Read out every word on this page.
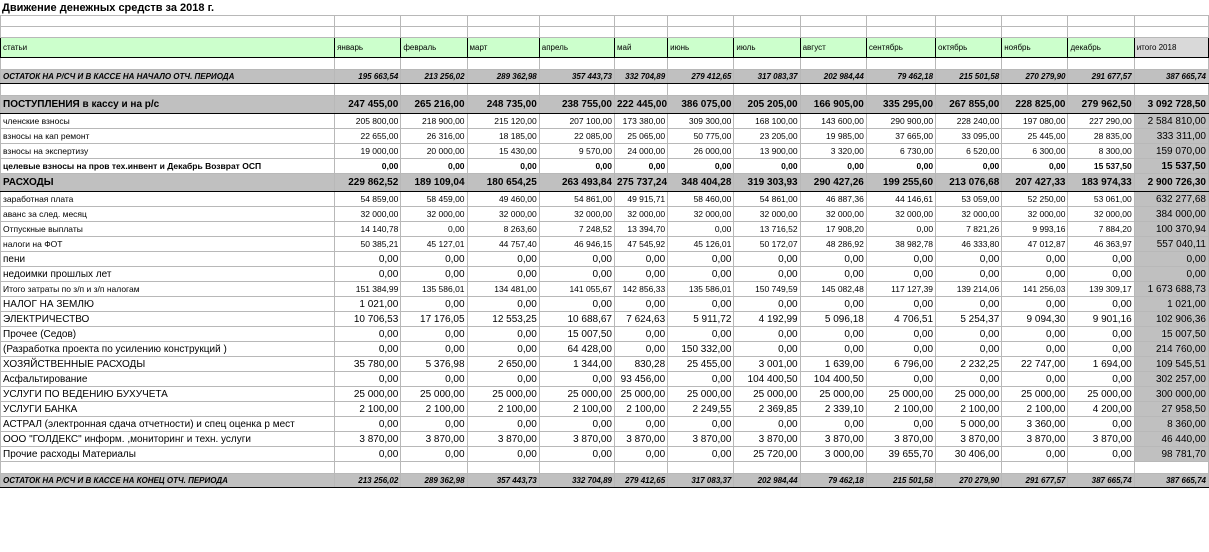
Движение денежных средств за 2018 г.

статьи	январь	февраль	март	апрель	май	июнь	июль	август	сентябрь	октябрь	ноябрь	декабрь	итого 2018

ОСТАТОК НА Р/СЧ И В КАССЕ НА НАЧАЛО ОТЧ. ПЕРИОДА	195 663,54	213 256,02	289 362,98	357 443,73	332 704,89	279 412,65	317 083,37	202 984,44	79 462,18	215 501,58	270 279,90	291 677,57	387 665,74

ПОСТУПЛЕНИЯ в кассу и на р/с	247 455,00	265 216,00	248 735,00	238 755,00	222 445,00	386 075,00	205 205,00	166 905,00	335 295,00	267 855,00	228 825,00	279 962,50	3 092 728,50
членские взносы	205 800,00	218 900,00	215 120,00	207 100,00	173 380,00	309 300,00	168 100,00	143 600,00	290 900,00	228 240,00	197 080,00	227 290,00	2 584 810,00
взносы на кап ремонт	22 655,00	26 316,00	18 185,00	22 085,00	25 065,00	50 775,00	23 205,00	19 985,00	37 665,00	33 095,00	25 445,00	28 835,00	333 311,00
взносы на экспертизу	19 000,00	20 000,00	15 430,00	9 570,00	24 000,00	26 000,00	13 900,00	3 320,00	6 730,00	6 520,00	6 300,00	8 300,00	159 070,00
целевые взносы на пров тех.инвент и Декабрь Возврат ОСП	0,00	0,00	0,00	0,00	0,00	0,00	0,00	0,00	0,00	0,00	0,00	15 537,50	15 537,50
РАСХОДЫ	229 862,52	189 109,04	180 654,25	263 493,84	275 737,24	348 404,28	319 303,93	290 427,26	199 255,60	213 076,68	207 427,33	183 974,33	2 900 726,30
заработная плата	54 859,00	58 459,00	49 460,00	54 861,00	49 915,71	58 460,00	54 861,00	46 887,36	44 146,61	53 059,00	52 250,00	53 061,00	632 277,68
аванс за след. месяц	32 000,00	32 000,00	32 000,00	32 000,00	32 000,00	32 000,00	32 000,00	32 000,00	32 000,00	32 000,00	32 000,00	32 000,00	384 000,00
Отпускные выплаты	14 140,78	0,00	8 263,60	7 248,52	13 394,70	0,00	13 716,52	17 908,20	0,00	7 821,26	9 993,16	7 884,20	100 370,94
налоги на ФОТ	50 385,21	45 127,01	44 757,40	46 946,15	47 545,92	45 126,01	50 172,07	48 286,92	38 982,78	46 333,80	47 012,87	46 363,97	557 040,11
пени	0,00	0,00	0,00	0,00	0,00	0,00	0,00	0,00	0,00	0,00	0,00	0,00	0,00
недоимки прошлых лет	0,00	0,00	0,00	0,00	0,00	0,00	0,00	0,00	0,00	0,00	0,00	0,00	0,00
Итого затраты по з/п и з/п налогам	151 384,99	135 586,01	134 481,00	141 055,67	142 856,33	135 586,01	150 749,59	145 082,48	117 127,39	139 214,06	141 256,03	139 309,17	1 673 688,73
НАЛОГ НА ЗЕМЛЮ	1 021,00	0,00	0,00	0,00	0,00	0,00	0,00	0,00	0,00	0,00	0,00	0,00	1 021,00
ЭЛЕКТРИЧЕСТВО	10 706,53	17 176,05	12 553,25	10 688,67	7 624,63	5 911,72	4 192,99	5 096,18	4 706,51	5 254,37	9 094,30	9 901,16	102 906,36
Прочее (Седов)	0,00	0,00	0,00	15 007,50	0,00	0,00	0,00	0,00	0,00	0,00	0,00	0,00	15 007,50
(Разработка проекта по усилению конструкций )	0,00	0,00	0,00	64 428,00	0,00	150 332,00	0,00	0,00	0,00	0,00	0,00	0,00	214 760,00
ХОЗЯЙСТВЕННЫЕ РАСХОДЫ	35 780,00	5 376,98	2 650,00	1 344,00	830,28	25 455,00	3 001,00	1 639,00	6 796,00	2 232,25	22 747,00	1 694,00	109 545,51
Асфальтирование	0,00	0,00	0,00	0,00	93 456,00	0,00	104 400,50	104 400,50	0,00	0,00	0,00	0,00	302 257,00
УСЛУГИ ПО ВЕДЕНИЮ БУХУЧЕТА	25 000,00	25 000,00	25 000,00	25 000,00	25 000,00	25 000,00	25 000,00	25 000,00	25 000,00	25 000,00	25 000,00	25 000,00	300 000,00
УСЛУГИ БАНКА	2 100,00	2 100,00	2 100,00	2 100,00	2 100,00	2 249,55	2 369,85	2 339,10	2 100,00	2 100,00	2 100,00	4 200,00	27 958,50
АСТРАЛ (электронная сдача отчетности) и спец оценка р мест	0,00	0,00	0,00	0,00	0,00	0,00	0,00	0,00	0,00	5 000,00	3 360,00	0,00	8 360,00
ООО "ГОЛДЕКС" информ. ,мониторинг и техн. услуги	3 870,00	3 870,00	3 870,00	3 870,00	3 870,00	3 870,00	3 870,00	3 870,00	3 870,00	3 870,00	3 870,00	3 870,00	46 440,00
Прочие расходы Материалы	0,00	0,00	0,00	0,00	0,00	0,00	25 720,00	3 000,00	39 655,70	30 406,00	0,00	0,00	98 781,70

ОСТАТОК НА Р/СЧ И В КАССЕ НА КОНЕЦ ОТЧ. ПЕРИОДА	213 256,02	289 362,98	357 443,73	332 704,89	279 412,65	317 083,37	202 984,44	79 462,18	215 501,58	270 279,90	291 677,57	387 665,74	387 665,74
